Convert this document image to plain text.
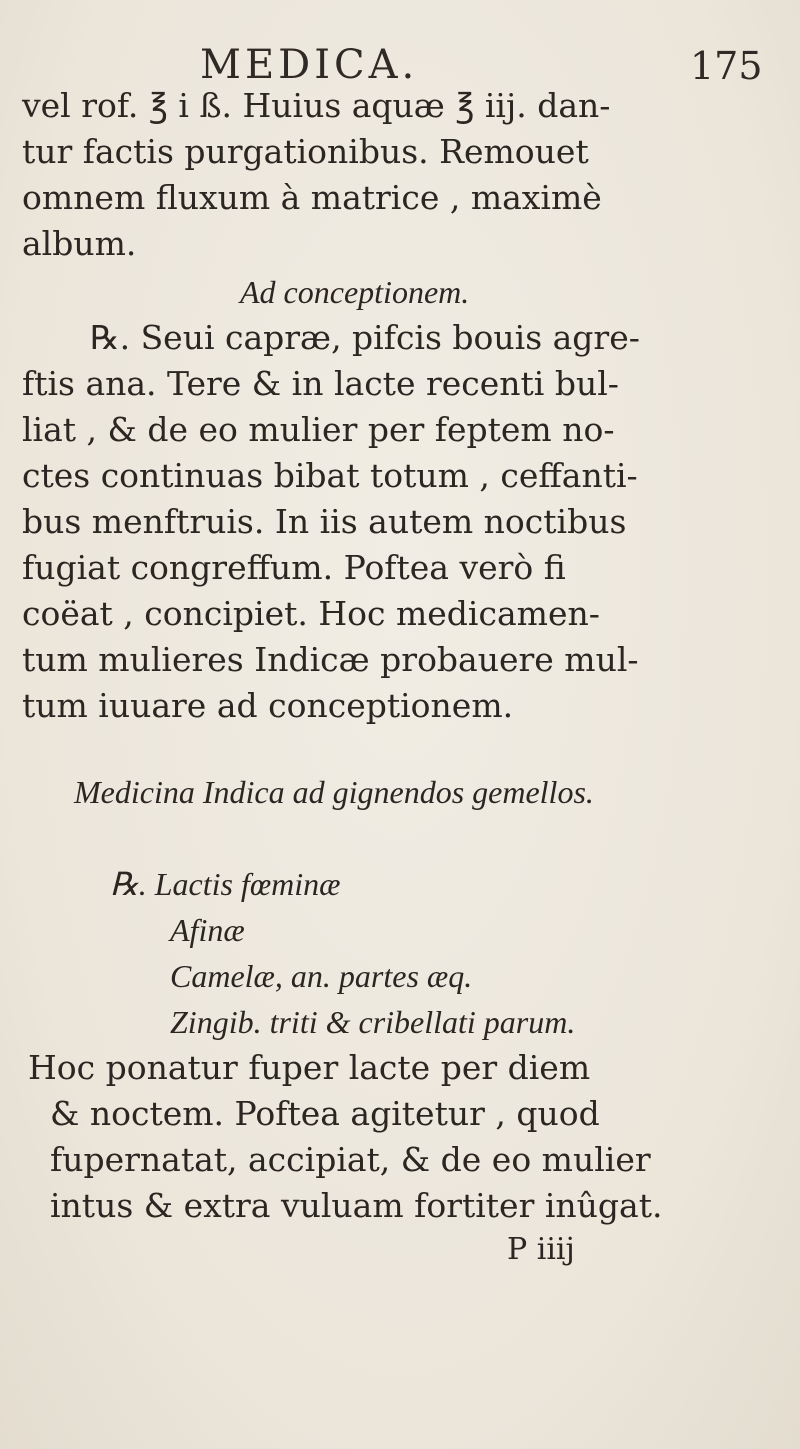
MEDICA.	175
vel rof. ℥ i ß. Huius aquæ ℥ iij. dan-
tur factis purgationibus. Remouet
omnem fluxum à matrice , maximè
album.
Ad conceptionem.
℞. Seui capræ, pifcis bouis agre-
ftis ana. Tere & in lacte recenti bul-
liat , & de eo mulier per feptem no-
ctes continuas bibat totum , ceffanti-
bus menftruis. In iis autem noctibus
fugiat congreffum. Poftea verò fi
coëat , concipiet. Hoc medicamen-
tum mulieres Indicæ probauere mul-
tum iuuare ad conceptionem.
Medicina Indica ad gignendos gemellos.
℞. Lactis fœminæ
Afinæ
Camelæ, an. partes æq.
Zingib. triti & cribellati parum.
Hoc ponatur fuper lacte per diem
& noctem. Poftea agitetur , quod
fupernatat, accipiat, & de eo mulier
intus & extra vuluam fortiter inûgat.
P iiij
